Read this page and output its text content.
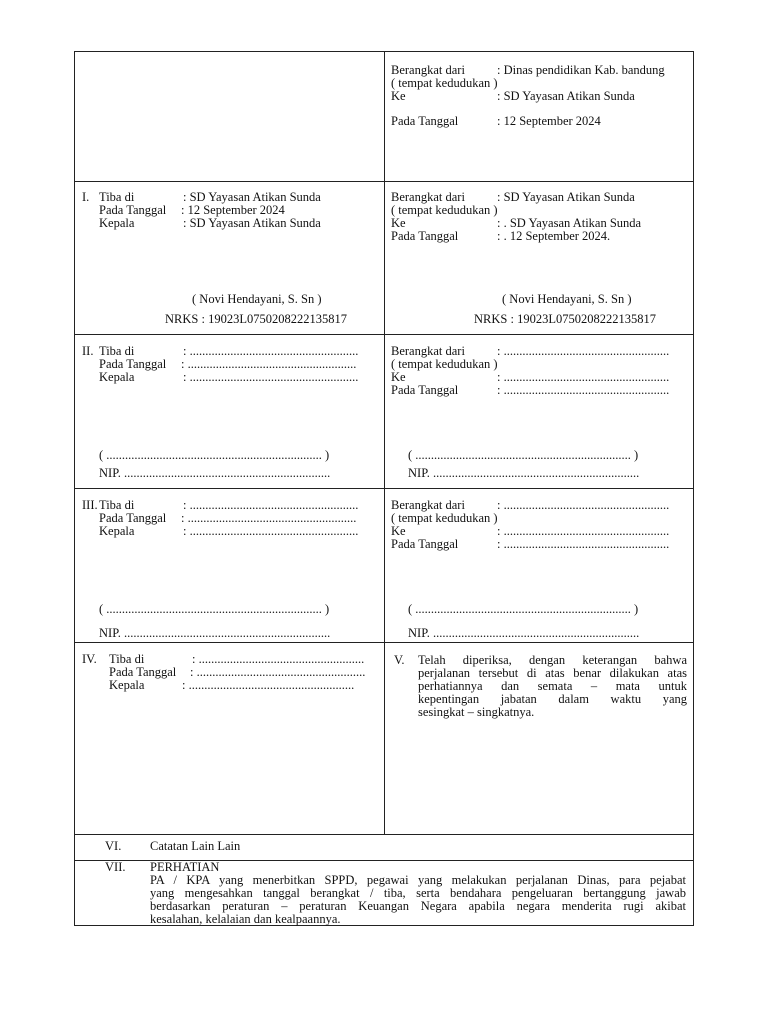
Berangkat dari	: Dinas pendidikan Kab. bandung
( tempat kedudukan )
Ke	: SD Yayasan Atikan Sunda
Pada Tanggal	: 12 September 2024
I. Tiba di	: SD Yayasan Atikan Sunda
Pada Tanggal : 12 September 2024
Kepala	: SD Yayasan Atikan Sunda
( Novi Hendayani, S. Sn )
NRKS : 19023L0750208222135817
Berangkat dari	: SD Yayasan Atikan Sunda
( tempat kedudukan )
Ke	: . SD Yayasan Atikan Sunda
Pada Tanggal	: . 12 September 2024.
( Novi Hendayani, S. Sn )
NRKS : 19023L0750208222135817
II. Tiba di	: ......................................................
Pada Tanggal : ......................................................
Kepala	: ......................................................
( ..................................................................... )
NIP. ..................................................................
Berangkat dari	: .....................................................
( tempat kedudukan )
Ke	: .....................................................
Pada Tanggal	: .....................................................
( ..................................................................... )
NIP. ..................................................................
III. Tiba di	: ......................................................
Pada Tanggal : ......................................................
Kepala	: ......................................................
( ..................................................................... )
NIP. ..................................................................
Berangkat dari	: .....................................................
( tempat kedudukan )
Ke	: .....................................................
Pada Tanggal	: .....................................................
( ..................................................................... )
NIP. ..................................................................
IV. Tiba di	: .....................................................
Pada Tanggal : ......................................................
Kepala	: .....................................................
V. Telah diperiksa, dengan keterangan bahwa
perjalanan tersebut di atas benar dilakukan atas
perhatiannya dan semata – mata untuk
kepentingan jabatan dalam waktu yang
sesingkat – singkatnya.
VI. Catatan Lain Lain
VII. PERHATIAN
PA / KPA yang menerbitkan SPPD, pegawai yang melakukan perjalanan Dinas, para pejabat
yang mengesahkan tanggal berangkat / tiba, serta bendahara pengeluaran bertanggung jawab
berdasarkan peraturan – peraturan Keuangan Negara apabila negara menderita rugi akibat
kesalahan, kelalaian dan kealpaannya.
